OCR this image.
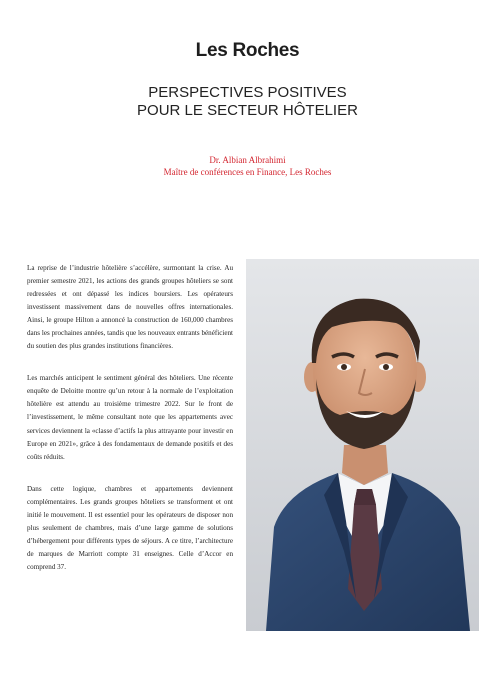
Les Roches
PERSPECTIVES POSITIVES
POUR LE SECTEUR HÔTELIER
Dr. Albian Albrahimi
Maître de conférences en Finance, Les Roches

La reprise de l’industrie hôtelière s’accélère, surmontant la crise. Au premier semestre 2021, les actions des grands groupes hôteliers se sont redressées et ont dépassé les indices boursiers. Les opérateurs investissent massivement dans de nouvelles offres internationales. Ainsi, le groupe Hilton a annoncé la construction de 160,000 chambres dans les prochaines années, tandis que les nouveaux entrants bénéficient du soutien des plus grandes institutions financières.

Les marchés anticipent le sentiment général des hôteliers. Une récente enquête de Deloitte montre qu’un retour à la normale de l’exploitation hôtelière est attendu au troisième trimestre 2022. Sur le front de l’investissement, le même consultant note que les appartements avec services deviennent la «classe d’actifs la plus attrayante pour investir en Europe en 2021», grâce à des fondamentaux de demande positifs et des coûts réduits.

Dans cette logique, chambres et appartements deviennent complémentaires. Les grands groupes hôteliers se transforment et ont initié le mouvement. Il est essentiel pour les opérateurs de disposer non plus seulement de chambres, mais d’une large gamme de solutions d’hébergement pour différents types de séjours. A ce titre, l’architecture de marques de Marriott compte 31 enseignes. Celle d’Accor en comprend 37.
